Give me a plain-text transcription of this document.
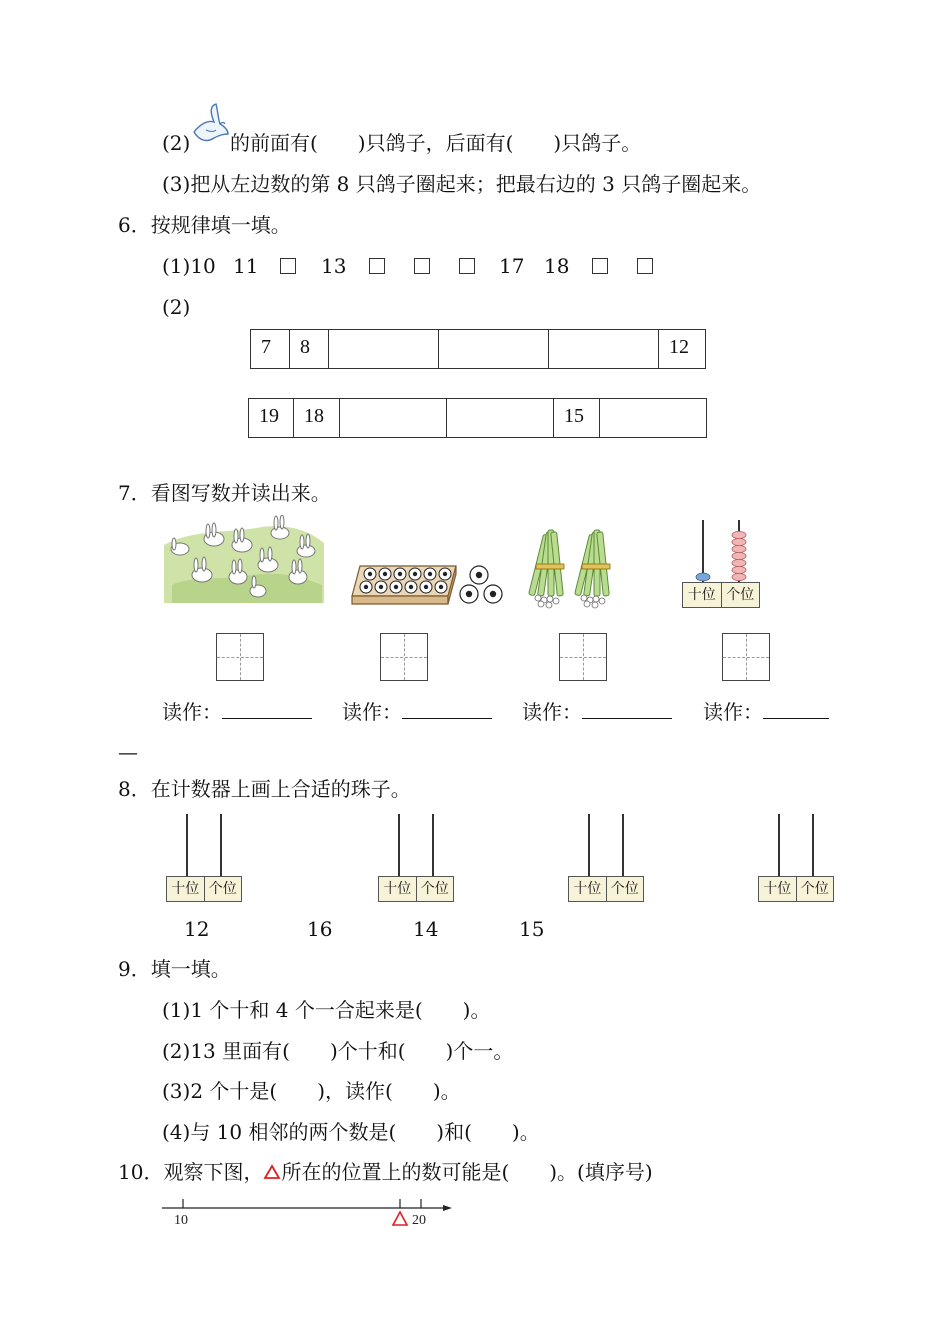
(2) 的前面有(　　)只鸽子，后面有(　　)只鸽子。
(3)把从左边数的第 8 只鸽子圈起来；把最右边的 3 只鸽子圈起来。
6．按规律填一填。
(1)10 11	13	17 18
(2)
7	8				12
19	18			15	
7．看图写数并读出来。
十位 个位
读作：	读作：	读作：	读作：
—
8．在计数器上画上合适的珠子。
十位 个位	十位 个位	十位 个位	十位 个位
12	16	14	15
9．填一填。
(1)1 个十和 4 个一合起来是(　　)。
(2)13 里面有(　　)个十和(　　)个一。
(3)2 个十是(　　)，读作(　　)。
(4)与 10 相邻的两个数是(　　)和(　　)。
10．观察下图， 所在的位置上的数可能是(　　)。(填序号)
10	20
